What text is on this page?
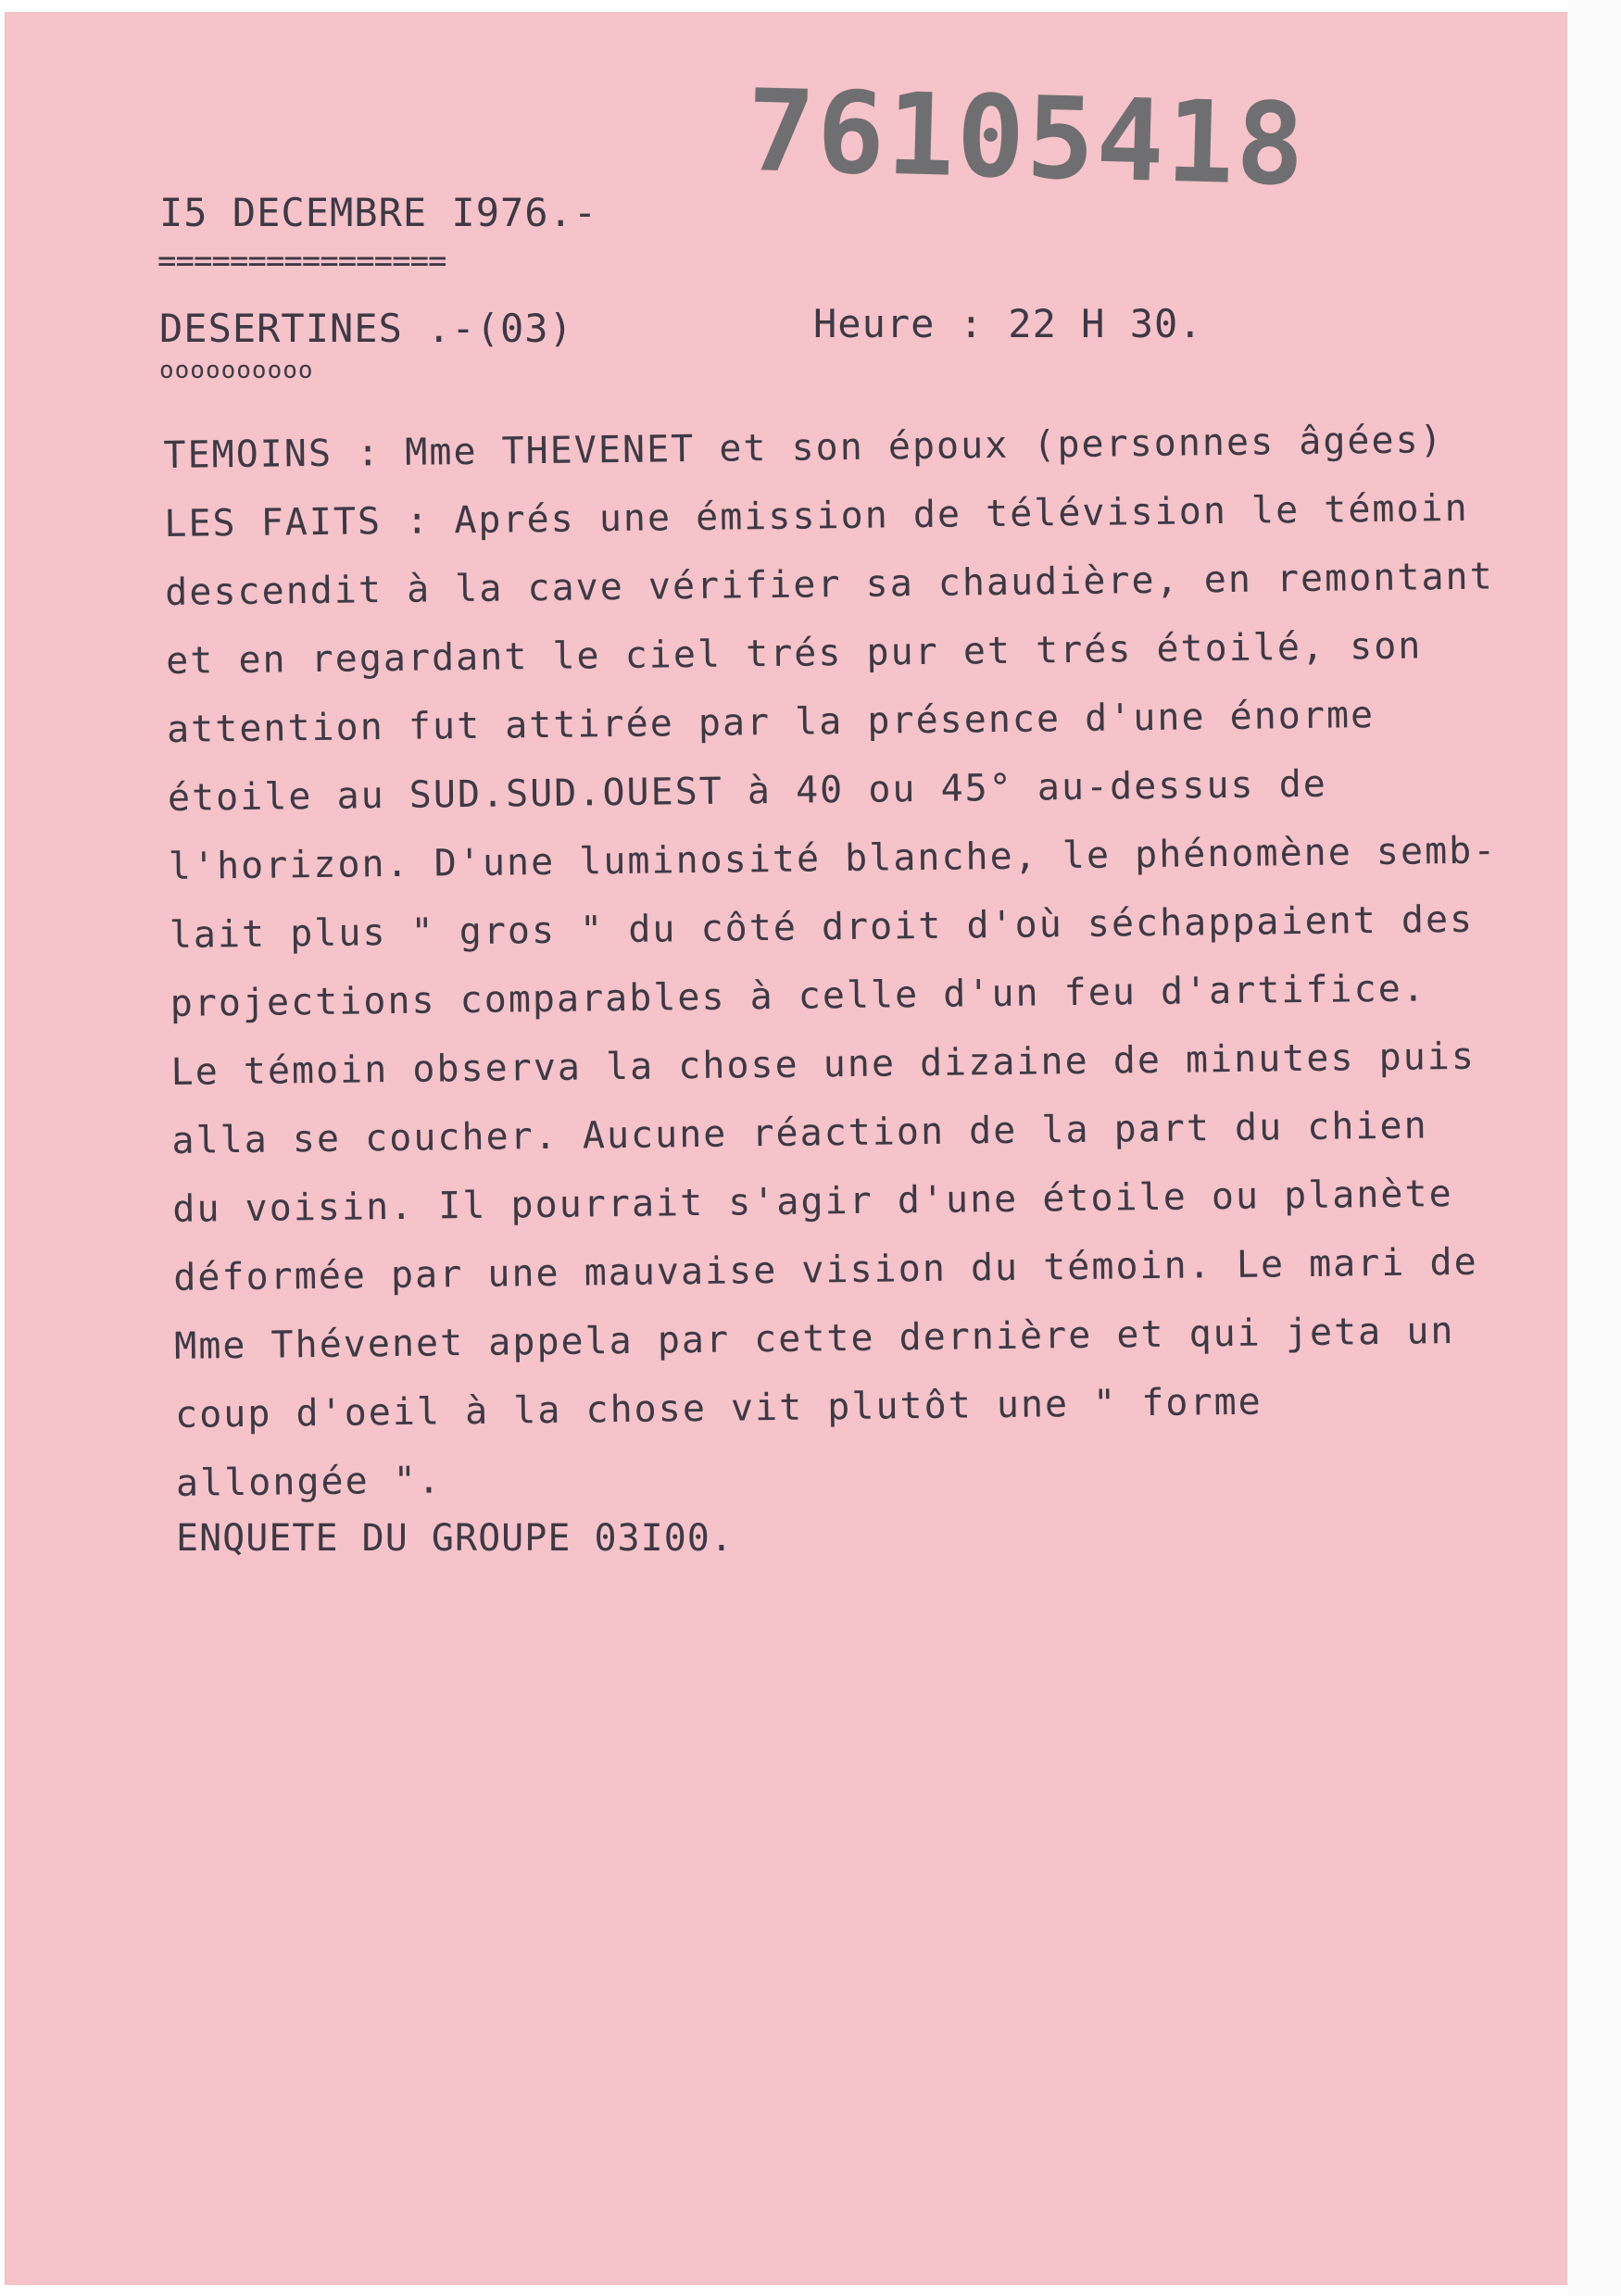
76105418
I5 DECEMBRE I976.-
================
DESERTINES .-(03)
oooooooooo
Heure : 22 H 30.
TEMOINS : Mme THEVENET et son époux (personnes âgées)
LES FAITS : Aprés une émission de télévision le témoin
descendit à la cave vérifier sa chaudière, en remontant
et en regardant le ciel trés pur et trés étoilé, son
attention fut attirée par la présence d'une énorme
étoile au SUD.SUD.OUEST à 40 ou 45° au-dessus de
l'horizon. D'une luminosité blanche, le phénomène semb-
lait plus " gros " du côté droit d'où séchappaient des
projections comparables à celle d'un feu d'artifice.
Le témoin observa la chose une dizaine de minutes puis
alla se coucher. Aucune réaction de la part du chien
du voisin. Il pourrait s'agir d'une étoile ou planète
déformée par une mauvaise vision du témoin. Le mari de
Mme Thévenet appela par cette dernière et qui jeta un
coup d'oeil à la chose vit plutôt une " forme
allongée ".
ENQUETE DU GROUPE 03I00.
